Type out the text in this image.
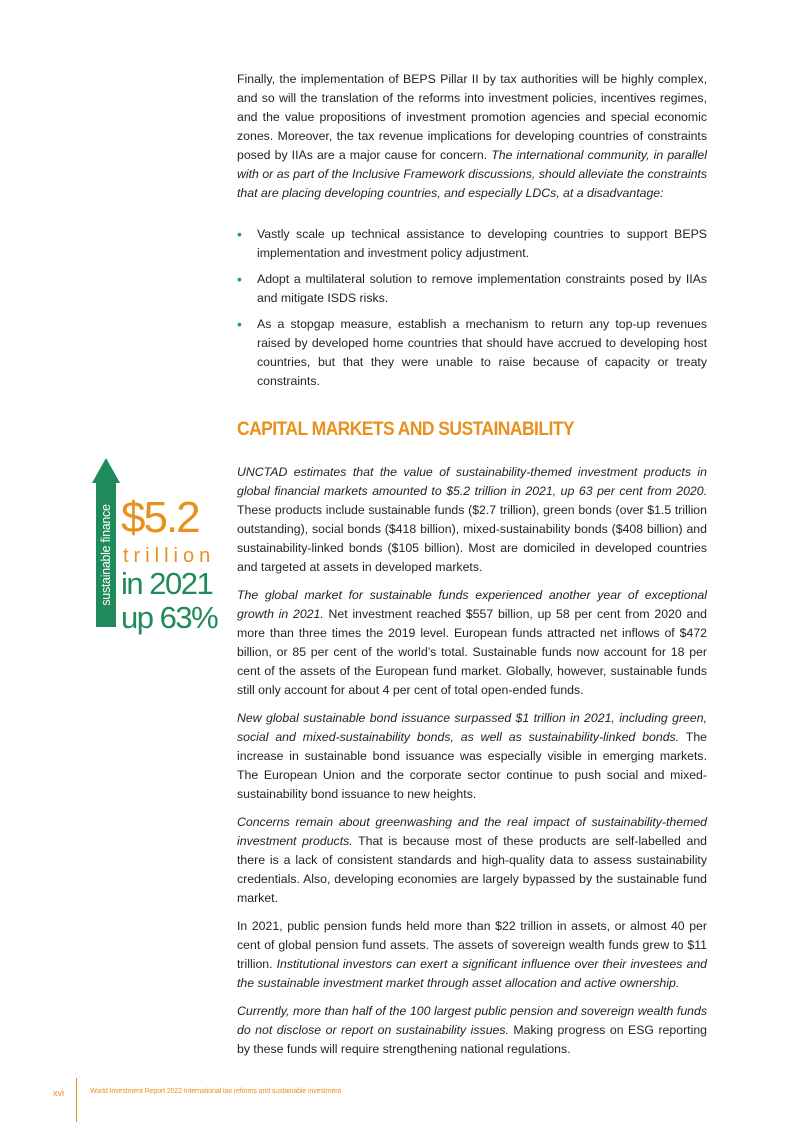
Finally, the implementation of BEPS Pillar II by tax authorities will be highly complex, and so will the translation of the reforms into investment policies, incentives regimes, and the value propositions of investment promotion agencies and special economic zones. Moreover, the tax revenue implications for developing countries of constraints posed by IIAs are a major cause for concern. The international community, in parallel with or as part of the Inclusive Framework discussions, should alleviate the constraints that are placing developing countries, and especially LDCs, at a disadvantage:

• Vastly scale up technical assistance to developing countries to support BEPS implementation and investment policy adjustment.
• Adopt a multilateral solution to remove implementation constraints posed by IIAs and mitigate ISDS risks.
• As a stopgap measure, establish a mechanism to return any top-up revenues raised by developed home countries that should have accrued to developing host countries, but that they were unable to raise because of capacity or treaty constraints.
CAPITAL MARKETS AND SUSTAINABILITY
sustainable finance $5.2
trillion
in 2021
up 63%

UNCTAD estimates that the value of sustainability-themed investment products in global financial markets amounted to $5.2 trillion in 2021, up 63 per cent from 2020. These products include sustainable funds ($2.7 trillion), green bonds (over $1.5 trillion outstanding), social bonds ($418 billion), mixed-sustainability bonds ($408 billion) and sustainability-linked bonds ($105 billion). Most are domiciled in developed countries and targeted at assets in developed markets.

The global market for sustainable funds experienced another year of exceptional growth in 2021. Net investment reached $557 billion, up 58 per cent from 2020 and more than three times the 2019 level. European funds attracted net inflows of $472 billion, or 85 per cent of the world’s total. Sustainable funds now account for 18 per cent of the assets of the European fund market. Globally, however, sustainable funds still only account for about 4 per cent of total open-ended funds.

New global sustainable bond issuance surpassed $1 trillion in 2021, including green, social and mixed-sustainability bonds, as well as sustainability-linked bonds. The increase in sustainable bond issuance was especially visible in emerging markets. The European Union and the corporate sector continue to push social and mixed-sustainability bond issuance to new heights.

Concerns remain about greenwashing and the real impact of sustainability-themed investment products. That is because most of these products are self-labelled and there is a lack of consistent standards and high-quality data to assess sustainability credentials. Also, developing economies are largely bypassed by the sustainable fund market.

In 2021, public pension funds held more than $22 trillion in assets, or almost 40 per cent of global pension fund assets. The assets of sovereign wealth funds grew to $11 trillion. Institutional investors can exert a significant influence over their investees and the sustainable investment market through asset allocation and active ownership.

Currently, more than half of the 100 largest public pension and sovereign wealth funds do not disclose or report on sustainability issues. Making progress on ESG reporting by these funds will require strengthening national regulations.

xvi	World Investment Report 2022 International tax reforms and sustainable investment
